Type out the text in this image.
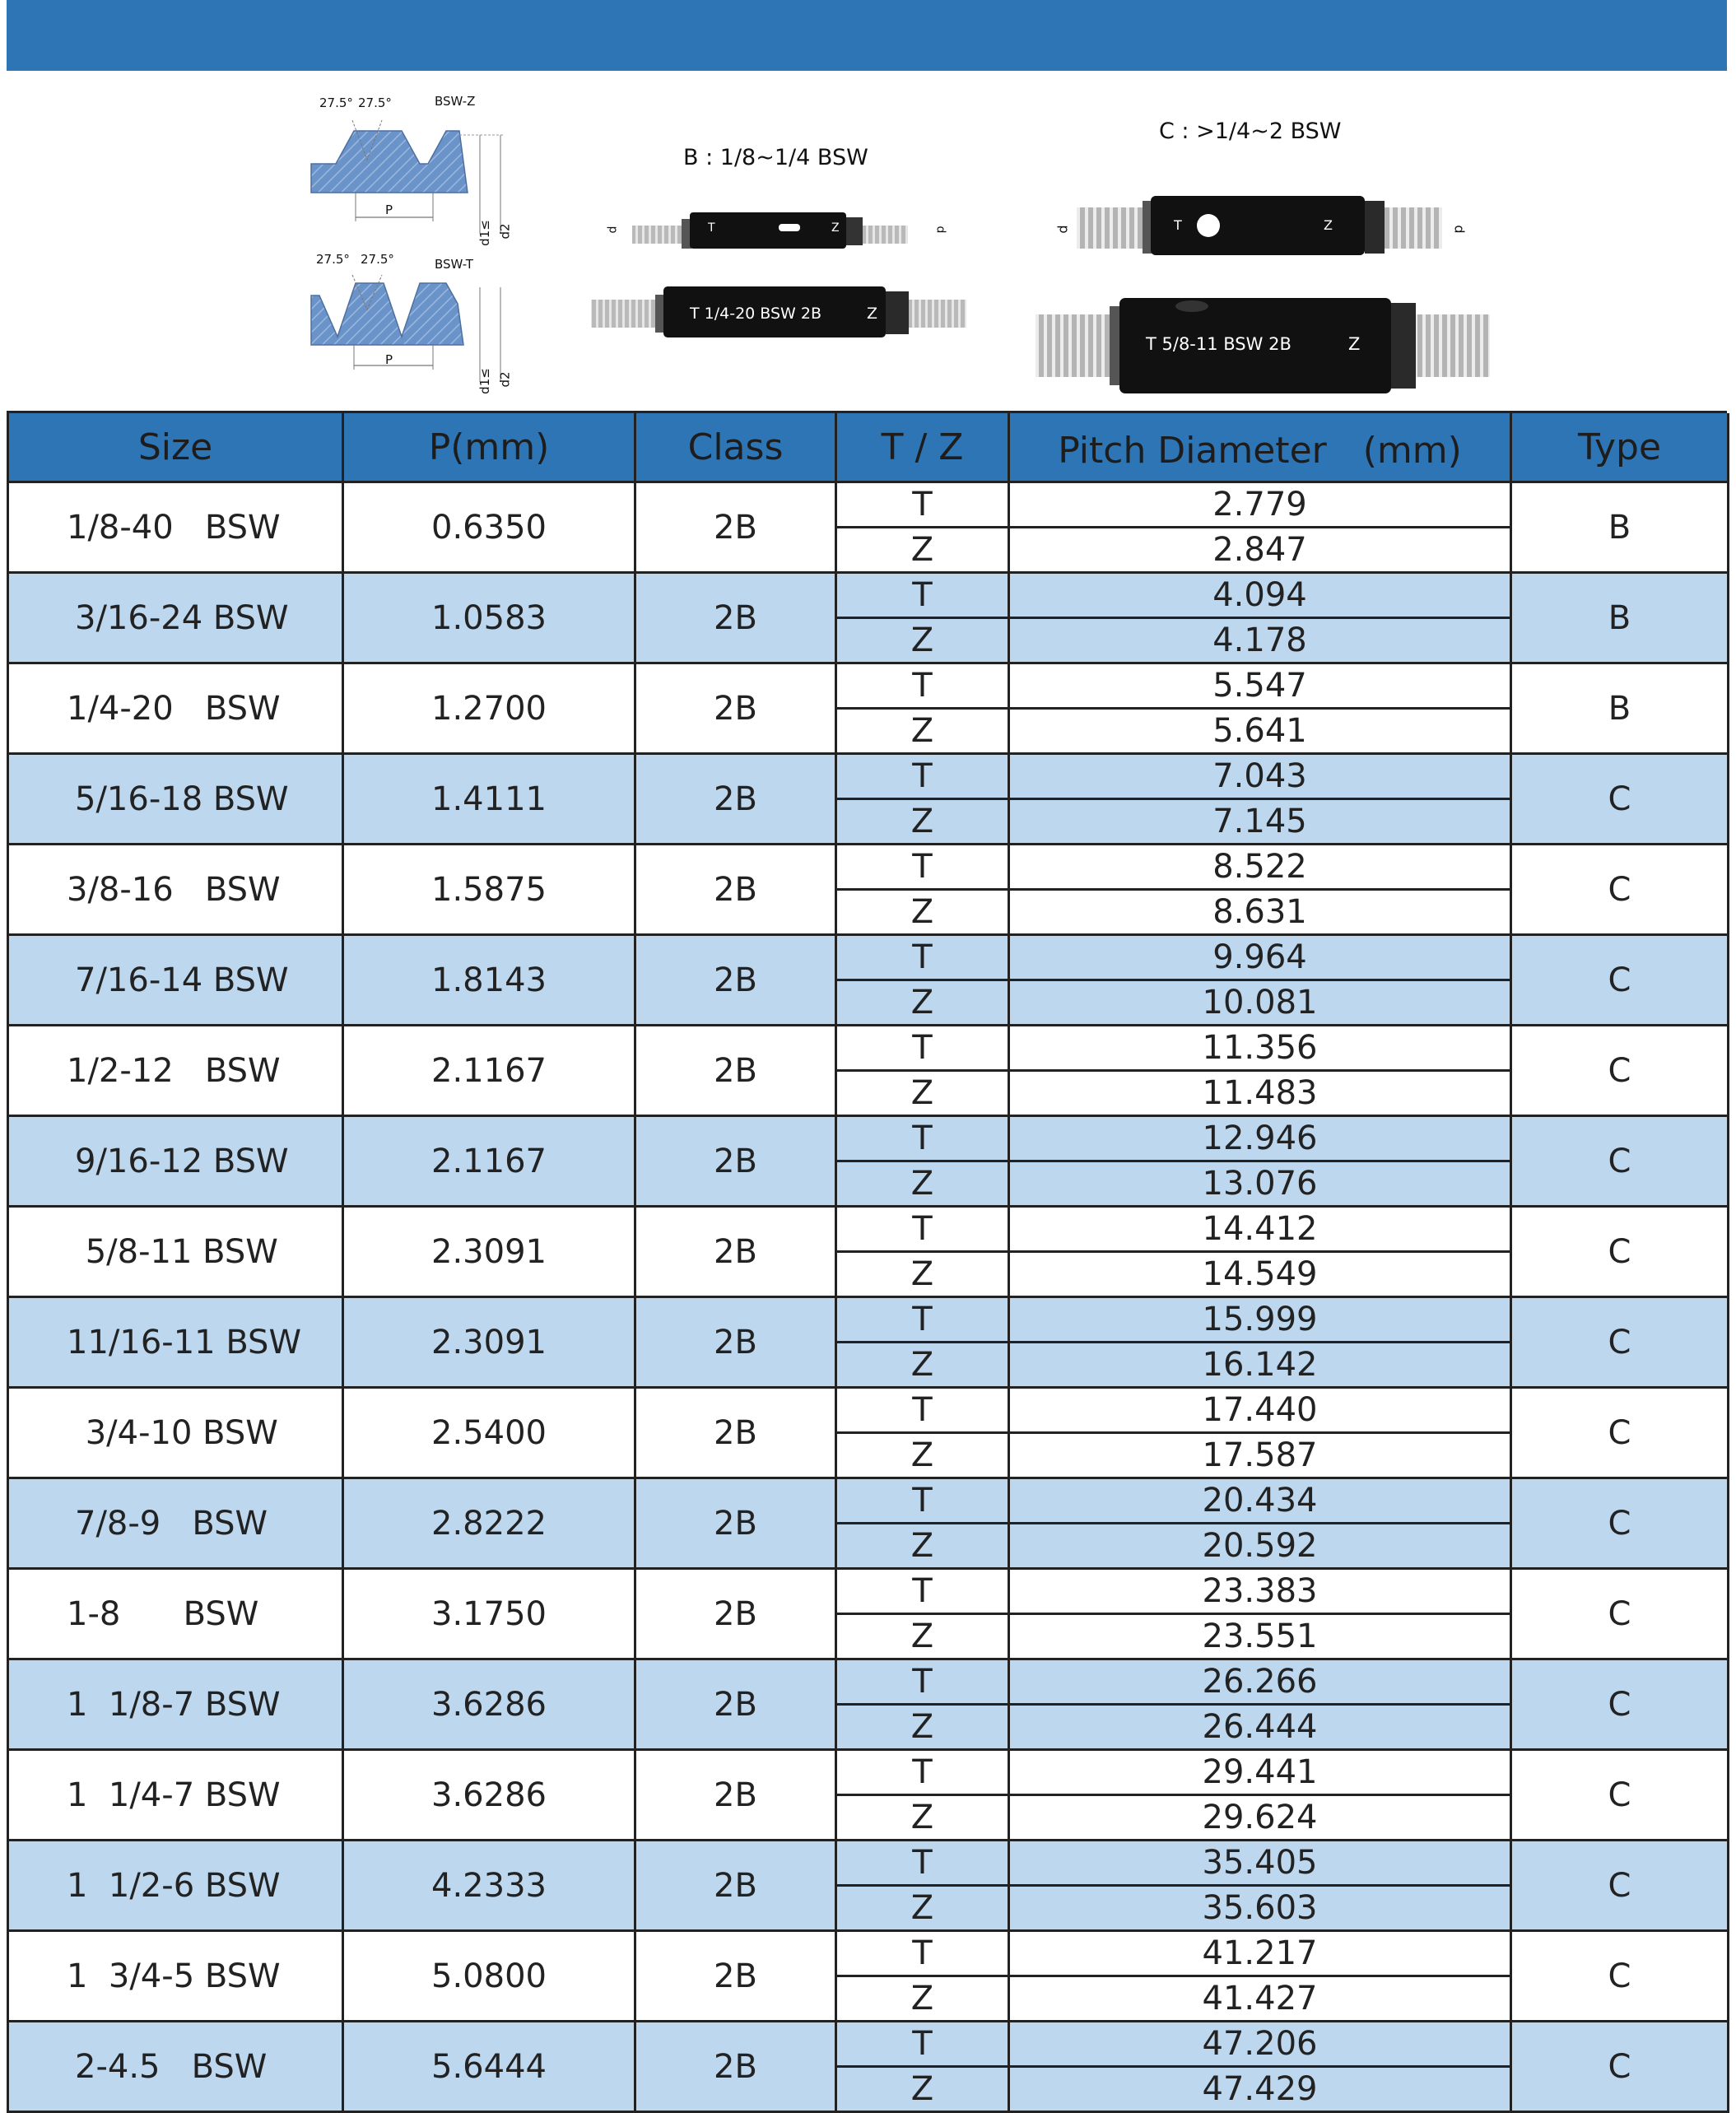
27.5° 27.5°	BSW-Z
P
d1≤ d2
27.5° 27.5°	BSW-T
P
d1≤ d2
B : 1/8~1/4 BSW
T	Z
d	d
T 1/4-20 BSW 2B	Z
C : >1/4~2 BSW
T	Z
d	d
T 5/8-11 BSW 2B	Z
Size	P(mm)	Class	T / Z	Pitch Diameter　(mm)	Type
1/8-40   BSW	0.6350	2B	T	2.779	B
			Z	2.847	
3/16-24 BSW	1.0583	2B	T	4.094	B
			Z	4.178	
1/4-20   BSW	1.2700	2B	T	5.547	B
			Z	5.641	
5/16-18 BSW	1.4111	2B	T	7.043	C
			Z	7.145	
3/8-16   BSW	1.5875	2B	T	8.522	C
			Z	8.631	
7/16-14 BSW	1.8143	2B	T	9.964	C
			Z	10.081	
1/2-12   BSW	2.1167	2B	T	11.356	C
			Z	11.483	
9/16-12 BSW	2.1167	2B	T	12.946	C
			Z	13.076	
5/8-11 BSW	2.3091	2B	T	14.412	C
			Z	14.549	
11/16-11 BSW	2.3091	2B	T	15.999	C
			Z	16.142	
3/4-10 BSW	2.5400	2B	T	17.440	C
			Z	17.587	
7/8-9   BSW	2.8222	2B	T	20.434	C
			Z	20.592	
1-8      BSW	3.1750	2B	T	23.383	C
			Z	23.551	
1  1/8-7 BSW	3.6286	2B	T	26.266	C
			Z	26.444	
1  1/4-7 BSW	3.6286	2B	T	29.441	C
			Z	29.624	
1  1/2-6 BSW	4.2333	2B	T	35.405	C
			Z	35.603	
1  3/4-5 BSW	5.0800	2B	T	41.217	C
			Z	41.427	
2-4.5   BSW	5.6444	2B	T	47.206	C
			Z	47.429	
